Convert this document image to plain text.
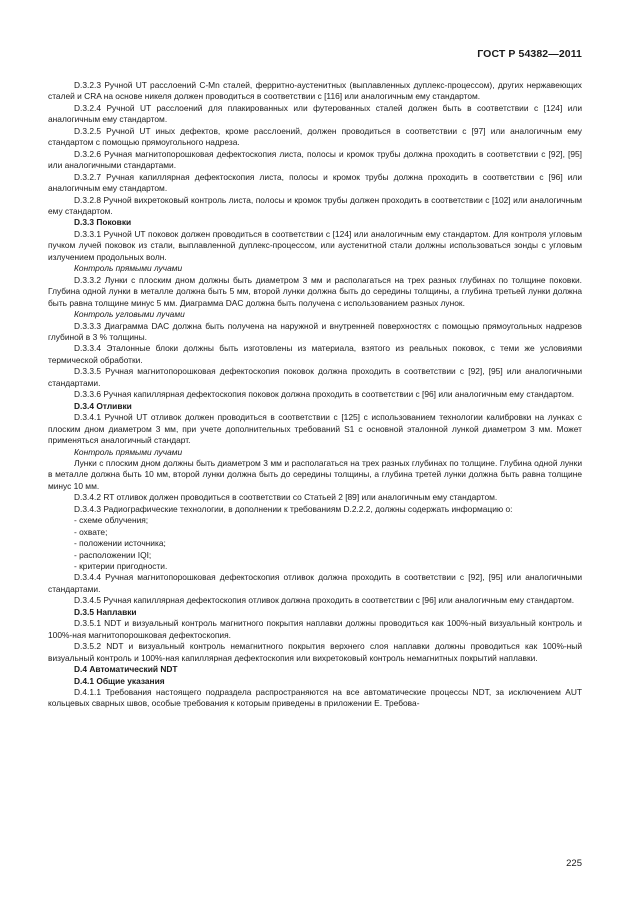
ГОСТ Р 54382—2011

D.3.2.3 Ручной UT расслоений С-Mn сталей, ферритно-аустенитных (выплавленных дуплекс-процессом), других нержавеющих сталей и CRA на основе никеля должен проводиться в соответствии с [116] или аналогичным ему стандартом.

D.3.2.4 Ручной UT расслоений для плакированных или футерованных сталей должен быть в соответствии с [124] или аналогичным ему стандартом.

D.3.2.5 Ручной UT иных дефектов, кроме расслоений, должен проводиться в соответствии с [97] или аналогичным ему стандартом с помощью прямоугольного надреза.

D.3.2.6 Ручная магнитопорошковая дефектоскопия листа, полосы и кромок трубы должна проходить в соответствии с [92], [95] или аналогичными стандартами.

D.3.2.7 Ручная капиллярная дефектоскопия листа, полосы и кромок трубы должна проходить в соответствии с [96] или аналогичным ему стандартом.

D.3.2.8 Ручной вихретоковый контроль листа, полосы и кромок трубы должен проходить в соответствии с [102] или аналогичным ему стандартом.

D.3.3 Поковки

D.3.3.1 Ручной UT поковок должен проводиться в соответствии с [124] или аналогичным ему стандартом. Для контроля угловым пучком лучей поковок из стали, выплавленной дуплекс-процессом, или аустенитной стали должны использоваться зонды с угловым излучением продольных волн.

Контроль прямыми лучами

D.3.3.2 Лунки с плоским дном должны быть диаметром 3 мм и располагаться на трех разных глубинах по толщине поковки. Глубина одной лунки в металле должна быть 5 мм, второй лунки должна быть до середины толщины, а глубина третьей лунки должна быть равна толщине минус 5 мм. Диаграмма DAC должна быть получена с использованием разных лунок.

Контроль угловыми лучами

D.3.3.3 Диаграмма DAC должна быть получена на наружной и внутренней поверхностях с помощью прямоугольных надрезов глубиной в 3 % толщины.

D.3.3.4 Эталонные блоки должны быть изготовлены из материала, взятого из реальных поковок, с теми же условиями термической обработки.

D.3.3.5 Ручная магнитопорошковая дефектоскопия поковок должна проходить в соответствии с [92], [95] или аналогичными стандартами.

D.3.3.6 Ручная капиллярная дефектоскопия поковок должна проходить в соответствии с [96] или аналогичным ему стандартом.

D.3.4 Отливки

D.3.4.1 Ручной UT отливок должен проводиться в соответствии с [125] с использованием технологии калибровки на лунках с плоским дном диаметром 3 мм, при учете дополнительных требований S1 с основной эталонной лункой диаметром 3 мм. Может применяться аналогичный стандарт.

Контроль прямыми лучами

Лунки с плоским дном должны быть диаметром 3 мм и располагаться на трех разных глубинах по толщине. Глубина одной лунки в металле должна быть 10 мм, второй лунки должна быть до середины толщины, а глубина третей лунки должна быть равна толщине минус 10 мм.

D.3.4.2 RT отливок должен проводиться в соответствии со Статьей 2 [89] или аналогичным ему стандартом.

D.3.4.3 Радиографические технологии, в дополнении к требованиям D.2.2.2, должны содержать информацию о:

- схеме облучения;

- охвате;

- положении источника;

- расположении IQI;

- критерии пригодности.

D.3.4.4 Ручная магнитопорошковая дефектоскопия отливок должна проходить в соответствии с [92], [95] или аналогичными стандартами.

D.3.4.5 Ручная капиллярная дефектоскопия отливок должна проходить в соответствии с [96] или аналогичным ему стандартом.

D.3.5 Наплавки

D.3.5.1 NDT и визуальный контроль магнитного покрытия наплавки должны проводиться как 100%-ный визуальный контроль и 100%-ная магнитопорошковая дефектоскопия.

D.3.5.2 NDT и визуальный контроль немагнитного покрытия верхнего слоя наплавки должны проводиться как 100%-ный визуальный контроль и 100%-ная капиллярная дефектоскопия или вихретоковый контроль немагнитных покрытий наплавки.

D.4 Автоматический NDT

D.4.1 Общие указания

D.4.1.1 Требования настоящего подраздела распространяются на все автоматические процессы NDT, за исключением AUT кольцевых сварных швов, особые требования к которым приведены в приложении Е. Требова-

225
